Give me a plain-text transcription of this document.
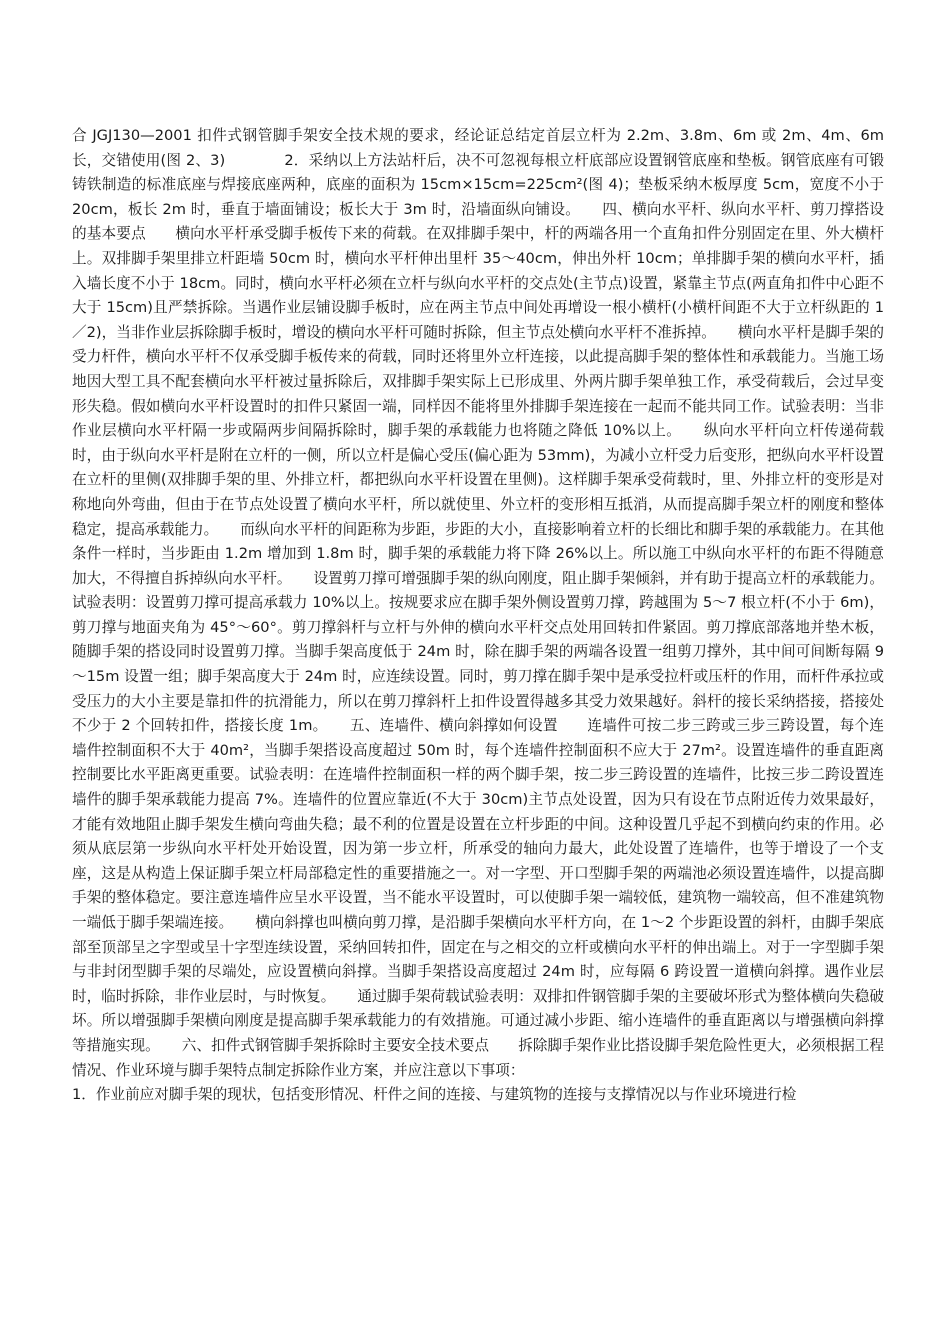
合 JGJ130—2001 扣件式钢管脚手架安全技术规的要求，经论证总结定首层立杆为 2.2m、3.8m、6m 或 2m、4m、6m 长，交错使用(图 2、3)　　　　2．采纳以上方法站杆后，决不可忽视每根立杆底部应设置钢管底座和垫板。钢管底座有可锻铸铁制造的标准底座与焊接底座两种，底座的面积为 15cm×15cm=225cm²(图 4)；垫板采纳木板厚度 5cm，宽度不小于 20cm，板长 2m 时，垂直于墙面铺设；板长大于 3m 时，沿墙面纵向铺设。　　四、横向水平杆、纵向水平杆、剪刀撑搭设的基本要点　　横向水平杆承受脚手板传下来的荷载。在双排脚手架中，杆的两端各用一个直角扣件分别固定在里、外大横杆上。双排脚手架里排立杆距墙 50cm 时，横向水平杆伸出里杆 35～40cm，伸出外杆 10cm；单排脚手架的横向水平杆，插入墙长度不小于 18cm。同时，横向水平杆必须在立杆与纵向水平杆的交点处(主节点)设置，紧靠主节点(两直角扣件中心距不大于 15cm)且严禁拆除。当遇作业层铺设脚手板时，应在两主节点中间处再增设一根小横杆(小横杆间距不大于立杆纵距的 1／2)，当非作业层拆除脚手板时，增设的横向水平杆可随时拆除，但主节点处横向水平杆不准拆掉。　　横向水平杆是脚手架的受力杆件，横向水平杆不仅承受脚手板传来的荷载，同时还将里外立杆连接，以此提高脚手架的整体性和承载能力。当施工场地因大型工具不配套横向水平杆被过量拆除后，双排脚手架实际上已形成里、外两片脚手架单独工作，承受荷载后，会过早变形失稳。假如横向水平杆设置时的扣件只紧固一端，同样因不能将里外排脚手架连接在一起而不能共同工作。试验表明：当非作业层横向水平杆隔一步或隔两步间隔拆除时，脚手架的承载能力也将随之降低 10%以上。　　纵向水平杆向立杆传递荷载时，由于纵向水平杆是附在立杆的一侧，所以立杆是偏心受压(偏心距为 53mm)，为减小立杆受力后变形，把纵向水平杆设置在立杆的里侧(双排脚手架的里、外排立杆，都把纵向水平杆设置在里侧)。这样脚手架承受荷载时，里、外排立杆的变形是对称地向外弯曲，但由于在节点处设置了横向水平杆，所以就使里、外立杆的变形相互抵消，从而提高脚手架立杆的刚度和整体稳定，提高承载能力。　　而纵向水平杆的间距称为步距，步距的大小，直接影响着立杆的长细比和脚手架的承载能力。在其他条件一样时，当步距由 1.2m 增加到 1.8m 时，脚手架的承载能力将下降 26%以上。所以施工中纵向水平杆的布距不得随意加大，不得擅自拆掉纵向水平杆。　　设置剪刀撑可增强脚手架的纵向刚度，阻止脚手架倾斜，并有助于提高立杆的承载能力。试验表明：设置剪刀撑可提高承载力 10%以上。按规要求应在脚手架外侧设置剪刀撑，跨越围为 5～7 根立杆(不小于 6m)，剪刀撑与地面夹角为 45°～60°。剪刀撑斜杆与立杆与外伸的横向水平杆交点处用回转扣件紧固。剪刀撑底部落地并垫木板，随脚手架的搭设同时设置剪刀撑。当脚手架高度低于 24m 时，除在脚手架的两端各设置一组剪刀撑外，其中间可间断每隔 9～15m 设置一组；脚手架高度大于 24m 时，应连续设置。同时，剪刀撑在脚手架中是承受拉杆或压杆的作用，而杆件承拉或受压力的大小主要是靠扣件的抗滑能力，所以在剪刀撑斜杆上扣件设置得越多其受力效果越好。斜杆的接长采纳搭接，搭接处不少于 2 个回转扣件，搭接长度 1m。　　五、连墙件、横向斜撑如何设置　　连墙件可按二步三跨或三步三跨设置，每个连墙件控制面积不大于 40m²，当脚手架搭设高度超过 50m 时，每个连墙件控制面积不应大于 27m²。设置连墙件的垂直距离控制要比水平距离更重要。试验表明：在连墙件控制面积一样的两个脚手架，按二步三跨设置的连墙件，比按三步二跨设置连墙件的脚手架承载能力提高 7%。连墙件的位置应靠近(不大于 30cm)主节点处设置，因为只有设在节点附近传力效果最好，才能有效地阻止脚手架发生横向弯曲失稳；最不利的位置是设置在立杆步距的中间。这种设置几乎起不到横向约束的作用。必须从底层第一步纵向水平杆处开始设置，因为第一步立杆，所承受的轴向力最大，此处设置了连墙件，也等于增设了一个支座，这是从构造上保证脚手架立杆局部稳定性的重要措施之一。对一字型、开口型脚手架的两端池必须设置连墙件，以提高脚手架的整体稳定。要注意连墙件应呈水平设置，当不能水平设置时，可以使脚手架一端较低，建筑物一端较高，但不准建筑物一端低于脚手架端连接。　　横向斜撑也叫横向剪刀撑，是沿脚手架横向水平杆方向，在 1～2 个步距设置的斜杆，由脚手架底部至顶部呈之字型或呈十字型连续设置，采纳回转扣件，固定在与之相交的立杆或横向水平杆的伸出端上。对于一字型脚手架与非封闭型脚手架的尽端处，应设置横向斜撑。当脚手架搭设高度超过 24m 时，应每隔 6 跨设置一道横向斜撑。遇作业层时，临时拆除，非作业层时，与时恢复。　　通过脚手架荷载试验表明：双排扣件钢管脚手架的主要破坏形式为整体横向失稳破坏。所以增强脚手架横向刚度是提高脚手架承载能力的有效措施。可通过减小步距、缩小连墙件的垂直距离以与增强横向斜撑等措施实现。　　六、扣件式钢管脚手架拆除时主要安全技术要点　　拆除脚手架作业比搭设脚手架危险性更大，必须根据工程情况、作业环境与脚手架特点制定拆除作业方案，并应注意以下事项：

1．作业前应对脚手架的现状，包括变形情况、杆件之间的连接、与建筑物的连接与支撑情况以与作业环境进行检
